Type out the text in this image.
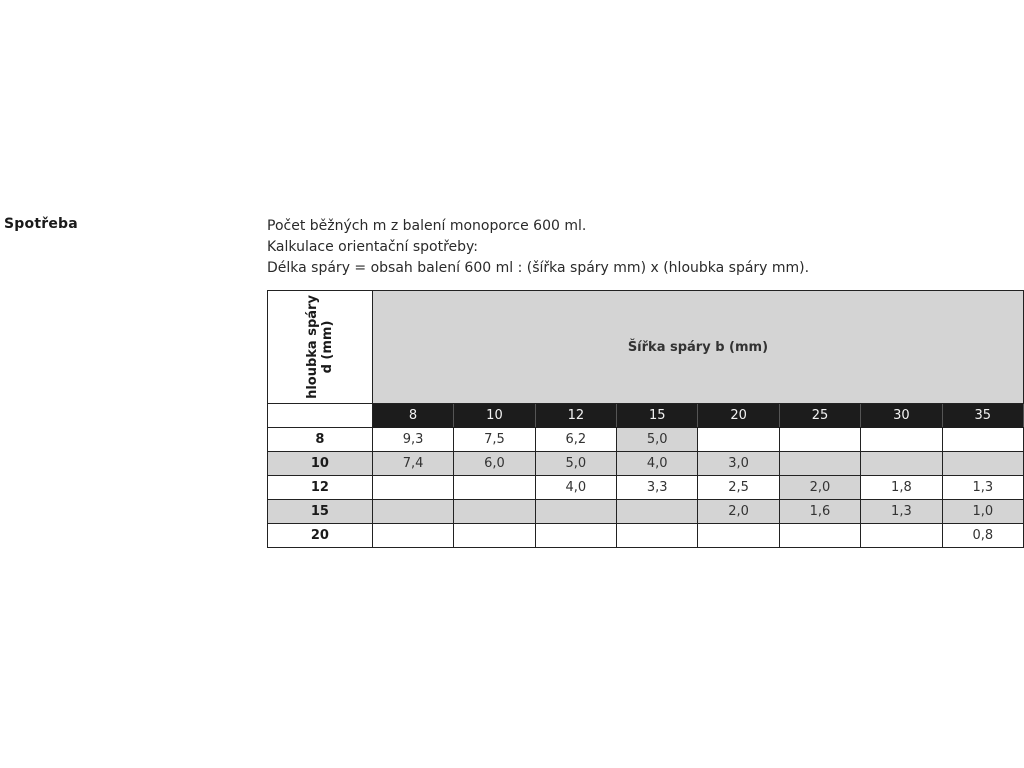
Spotřeba	Počet běžných m z balení monoporce 600 ml.
Kalkulace orientační spotřeby:
Délka spáry = obsah balení 600 ml : (šířka spáry mm) x (hloubka spáry mm).
hloubka spáry
d (mm)	Šířka spáry b (mm)							
	8	10	12	15	20	25	30	35
8	9,3	7,5	6,2	5,0				
10	7,4	6,0	5,0	4,0	3,0			
12			4,0	3,3	2,5	2,0	1,8	1,3
15					2,0	1,6	1,3	1,0
20								0,8
